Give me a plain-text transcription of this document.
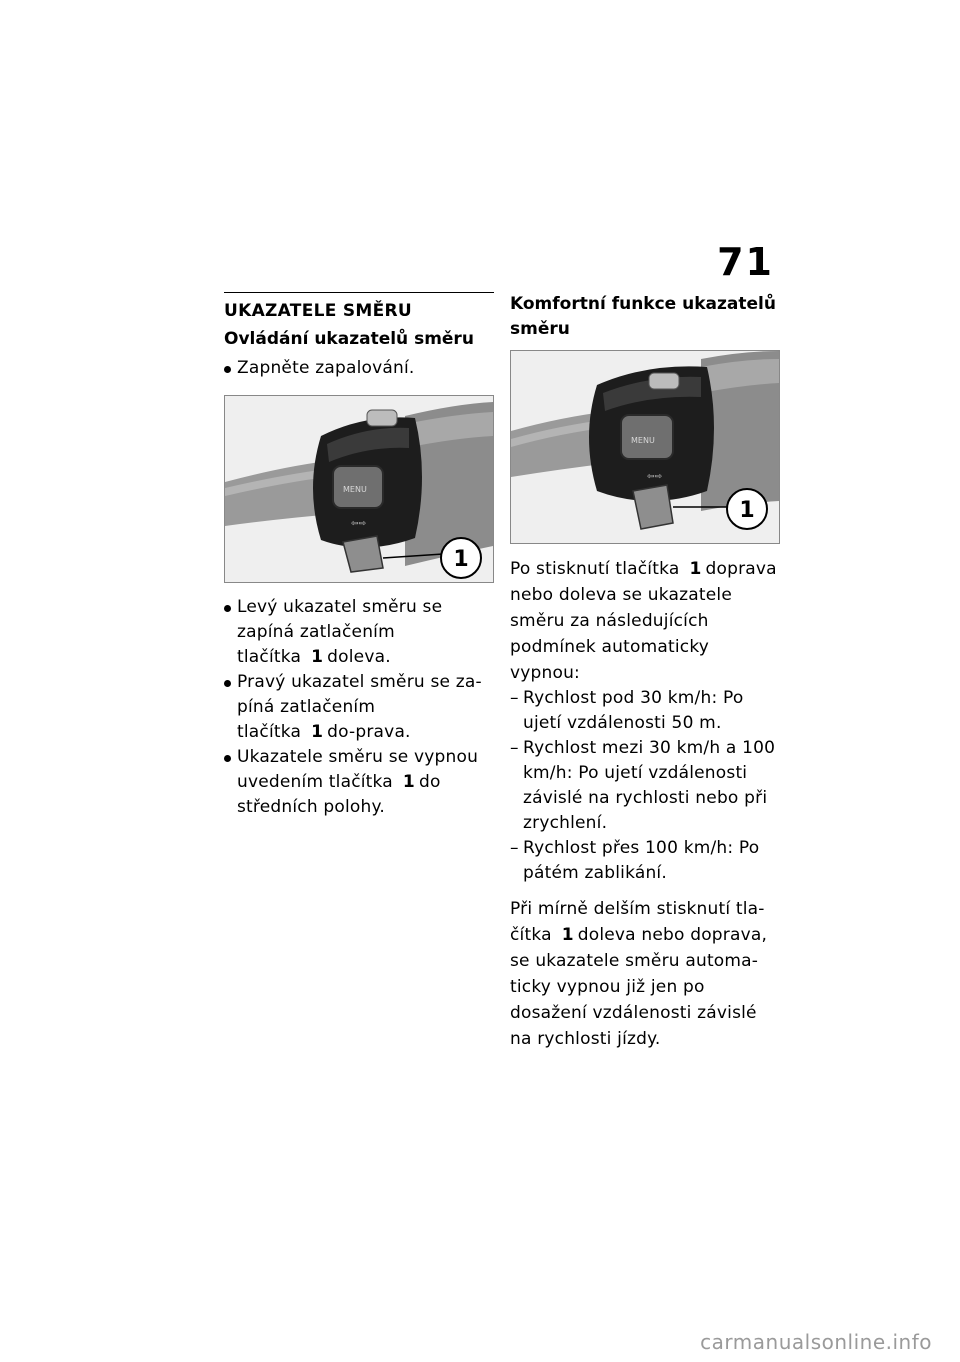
71
UKAZATELE SMĚRU
Ovládání ukazatelů směru
Zapněte zapalování.
MENU
⇦⇨
1
Levý ukazatel směru se zapíná zatlačením tlačítka 1 doleva.
Pravý ukazatel směru se za-píná zatlačením tlačítka 1 do-prava.
Ukazatele směru se vypnou uvedením tlačítka 1 do středních polohy.
Komfortní funkce ukazatelů směru
MENU
⇦⇨
1

Po stisknutí tlačítka 1 doprava nebo doleva se ukazatele směru za následujících podmínek automaticky vypnou:

– Rychlost pod 30 km/h: Po ujetí vzdálenosti 50 m.
– Rychlost mezi 30 km/h a 100 km/h: Po ujetí vzdálenosti závislé na rychlosti nebo při zrychlení.
– Rychlost přes 100 km/h: Po pátém zablikání.

Při mírně delším stisknutí tla-čítka 1 doleva nebo doprava, se ukazatele směru automa-ticky vypnou již jen po dosažení vzdálenosti závislé na rychlosti jízdy.

carmanualsonline.info
